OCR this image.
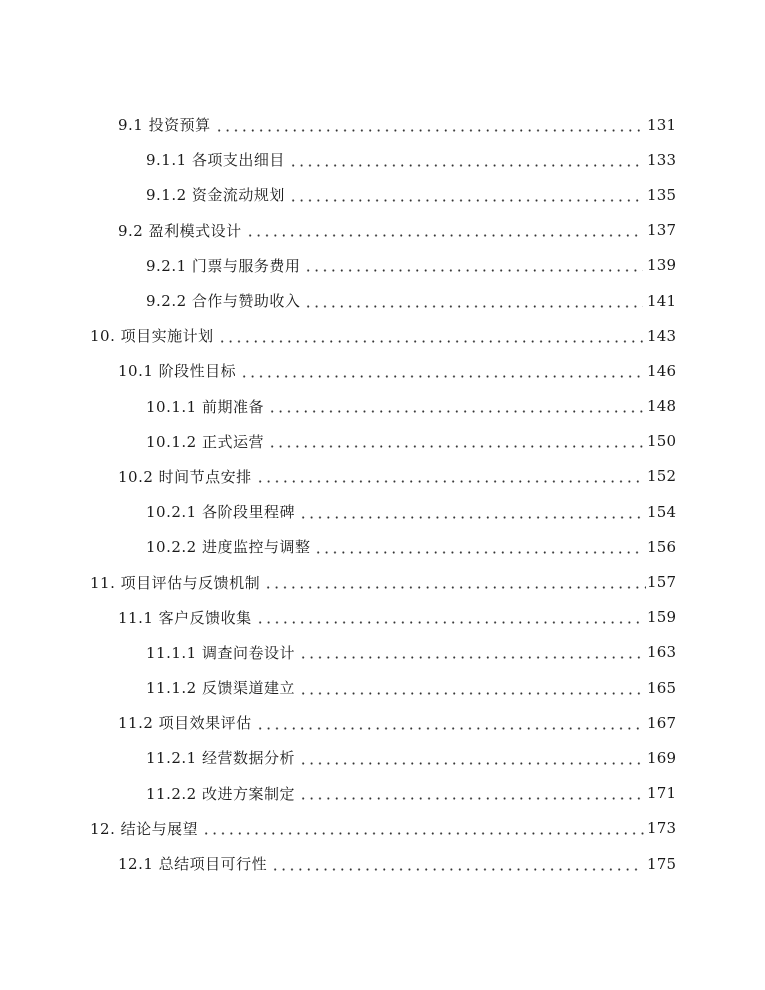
9.1 投资预算	131
9.1.1 各项支出细目	133
9.1.2 资金流动规划	135
9.2 盈利模式设计	137
9.2.1 门票与服务费用	139
9.2.2 合作与赞助收入	141
10. 项目实施计划	143
10.1 阶段性目标	146
10.1.1 前期准备	148
10.1.2 正式运营	150
10.2 时间节点安排	152
10.2.1 各阶段里程碑	154
10.2.2 进度监控与调整	156
11. 项目评估与反馈机制	157
11.1 客户反馈收集	159
11.1.1 调查问卷设计	163
11.1.2 反馈渠道建立	165
11.2 项目效果评估	167
11.2.1 经营数据分析	169
11.2.2 改进方案制定	171
12. 结论与展望	173
12.1 总结项目可行性	175
